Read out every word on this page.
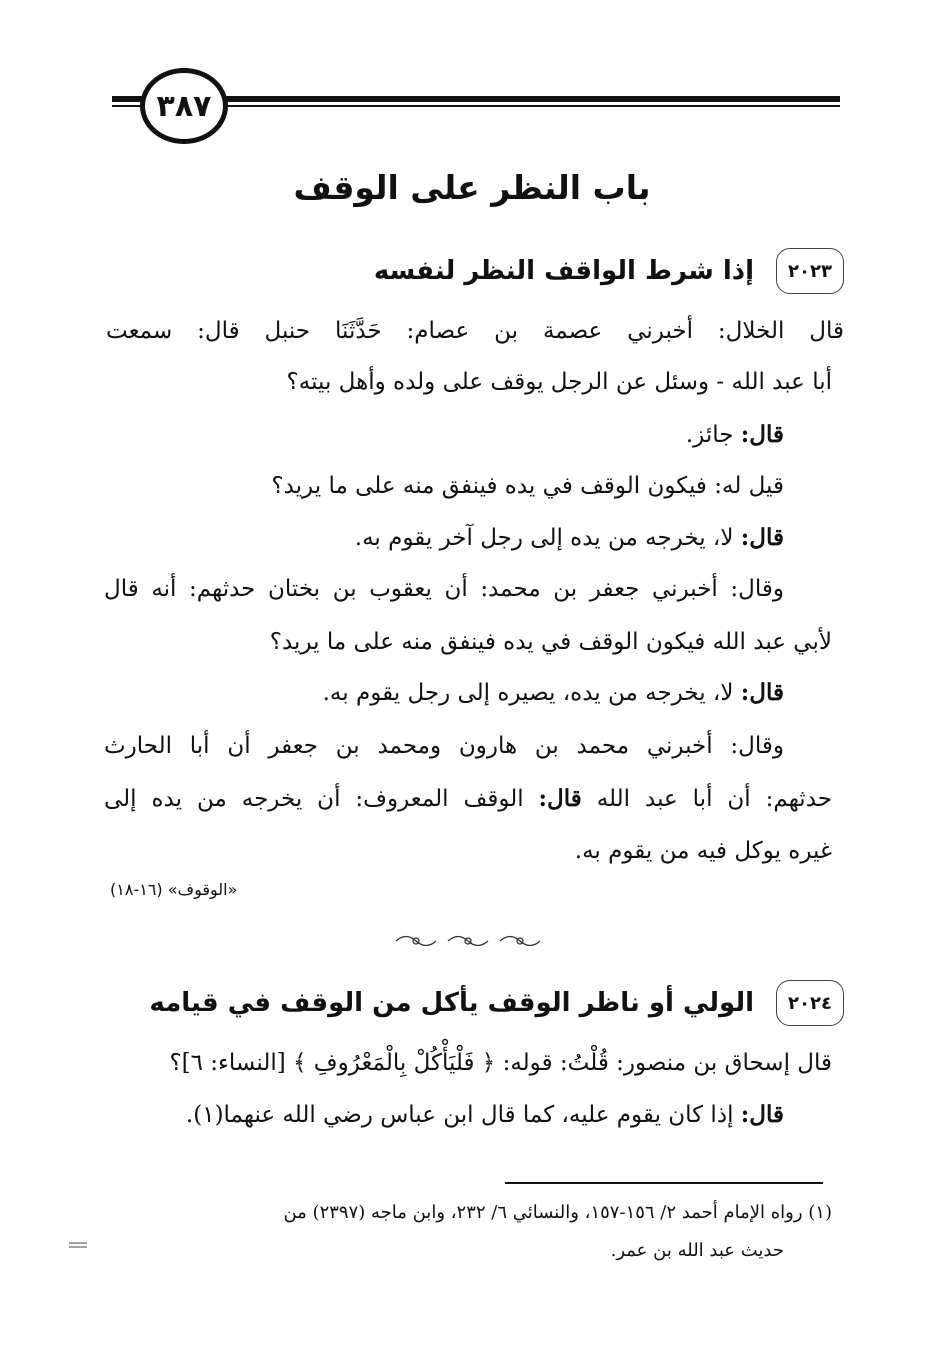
٣٨٧
باب النظر على الوقف
٢٠٢٣
إذا شرط الواقف النظر لنفسه
قال الخلال: أخبرني عصمة بن عصام: حَدَّثَنَا حنبل قال: سمعت
أبا عبد الله - وسئل عن الرجل يوقف على ولده وأهل بيته؟
قال: جائز.
قيل له: فيكون الوقف في يده فينفق منه على ما يريد؟
قال: لا، يخرجه من يده إلى رجل آخر يقوم به.
وقال: أخبرني جعفر بن محمد: أن يعقوب بن بختان حدثهم: أنه قال
لأبي عبد الله فيكون الوقف في يده فينفق منه على ما يريد؟
قال: لا، يخرجه من يده، يصيره إلى رجل يقوم به.
وقال: أخبرني محمد بن هارون ومحمد بن جعفر أن أبا الحارث
حدثهم: أن أبا عبد الله قال: الوقف المعروف: أن يخرجه من يده إلى
غيره يوكل فيه من يقوم به.
«الوقوف» (١٦-١٨)
٢٠٢٤
الولي أو ناظر الوقف يأكل من الوقف في قيامه
قال إسحاق بن منصور: قُلْتُ: قوله: ﴿ فَلْيَأْكُلْ بِالْمَعْرُوفِ ﴾ [النساء: ٦]؟
قال: إذا كان يقوم عليه، كما قال ابن عباس رضي الله عنهما(١).
(١) رواه الإمام أحمد ٢/ ١٥٦-١٥٧، والنسائي ٦/ ٢٣٢، وابن ماجه (٢٣٩٧) من
حديث عبد الله بن عمر.
